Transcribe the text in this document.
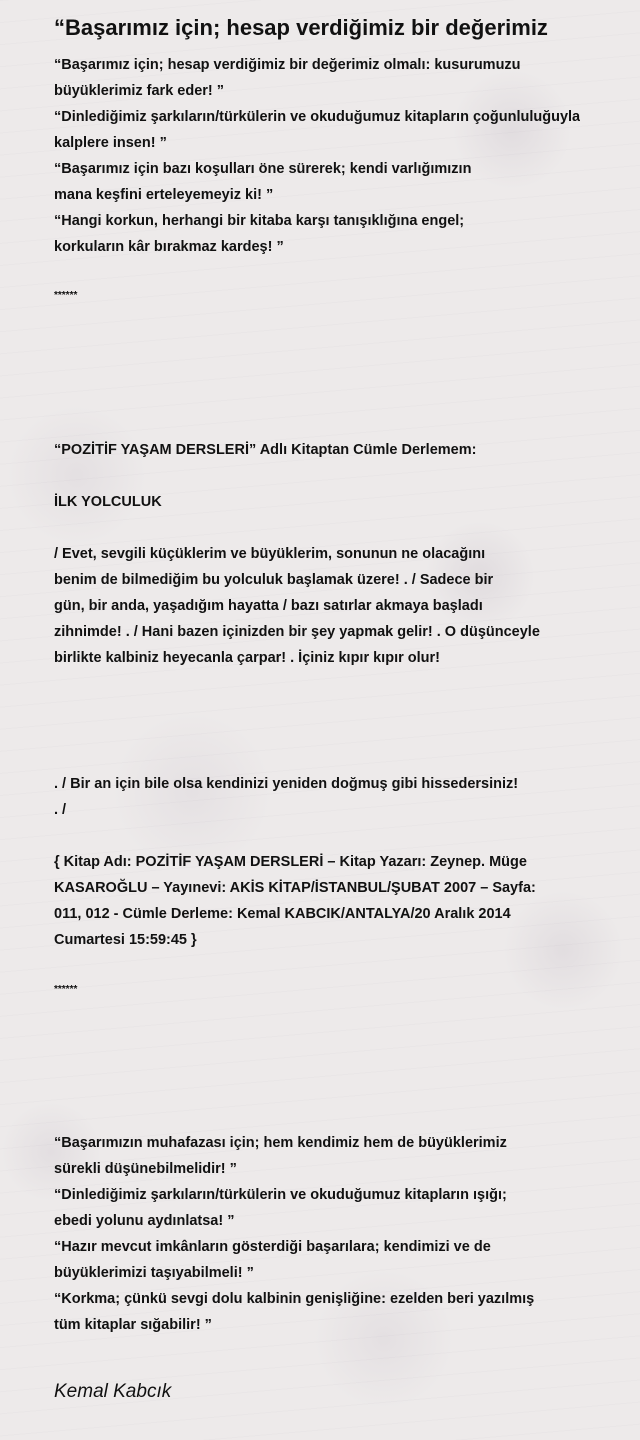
“Başarımız için; hesap verdiğimiz bir değerimiz
“Başarımız için; hesap verdiğimiz bir değerimiz olmalı: kusurumuzu
büyüklerimiz fark eder! ”
“Dinlediğimiz şarkıların/türkülerin ve okuduğumuz kitapların çoğunluluğuyla
kalplere insen! ”
“Başarımız için bazı koşulları öne sürerek; kendi varlığımızın
mana keşfini erteleyemeyiz ki! ”
“Hangi korkun, herhangi bir kitaba karşı tanışıklığına engel;
korkuların kâr bırakmaz kardeş! ”
******
“POZİTİF YAŞAM DERSLERİ” Adlı Kitaptan Cümle Derlemem:
İLK YOLCULUK
/ Evet, sevgili küçüklerim ve büyüklerim, sonunun ne olacağını
benim de bilmediğim bu yolculuk başlamak üzere! . / Sadece bir
gün, bir anda, yaşadığım hayatta / bazı satırlar akmaya başladı
zihnimde! . / Hani bazen içinizden bir şey yapmak gelir! . O düşünceyle
birlikte kalbiniz heyecanla çarpar! . İçiniz kıpır kıpır olur!
. / Bir an için bile olsa kendinizi yeniden doğmuş gibi hissedersiniz!
. /
{ Kitap Adı: POZİTİF YAŞAM DERSLERİ – Kitap Yazarı: Zeynep. Müge
KASAROĞLU – Yayınevi: AKİS KİTAP/İSTANBUL/ŞUBAT 2007 – Sayfa:
011, 012 - Cümle Derleme: Kemal KABCIK/ANTALYA/20 Aralık 2014
Cumartesi 15:59:45 }
******
“Başarımızın muhafazası için; hem kendimiz hem de büyüklerimiz
sürekli düşünebilmelidir! ”
“Dinlediğimiz şarkıların/türkülerin ve okuduğumuz kitapların ışığı;
ebedi yolunu aydınlatsa! ”
“Hazır mevcut imkânların gösterdiği başarılara; kendimizi ve de
büyüklerimizi taşıyabilmeli! ”
“Korkma; çünkü sevgi dolu kalbinin genişliğine: ezelden beri yazılmış
tüm kitaplar sığabilir! ”
Kemal Kabcık
